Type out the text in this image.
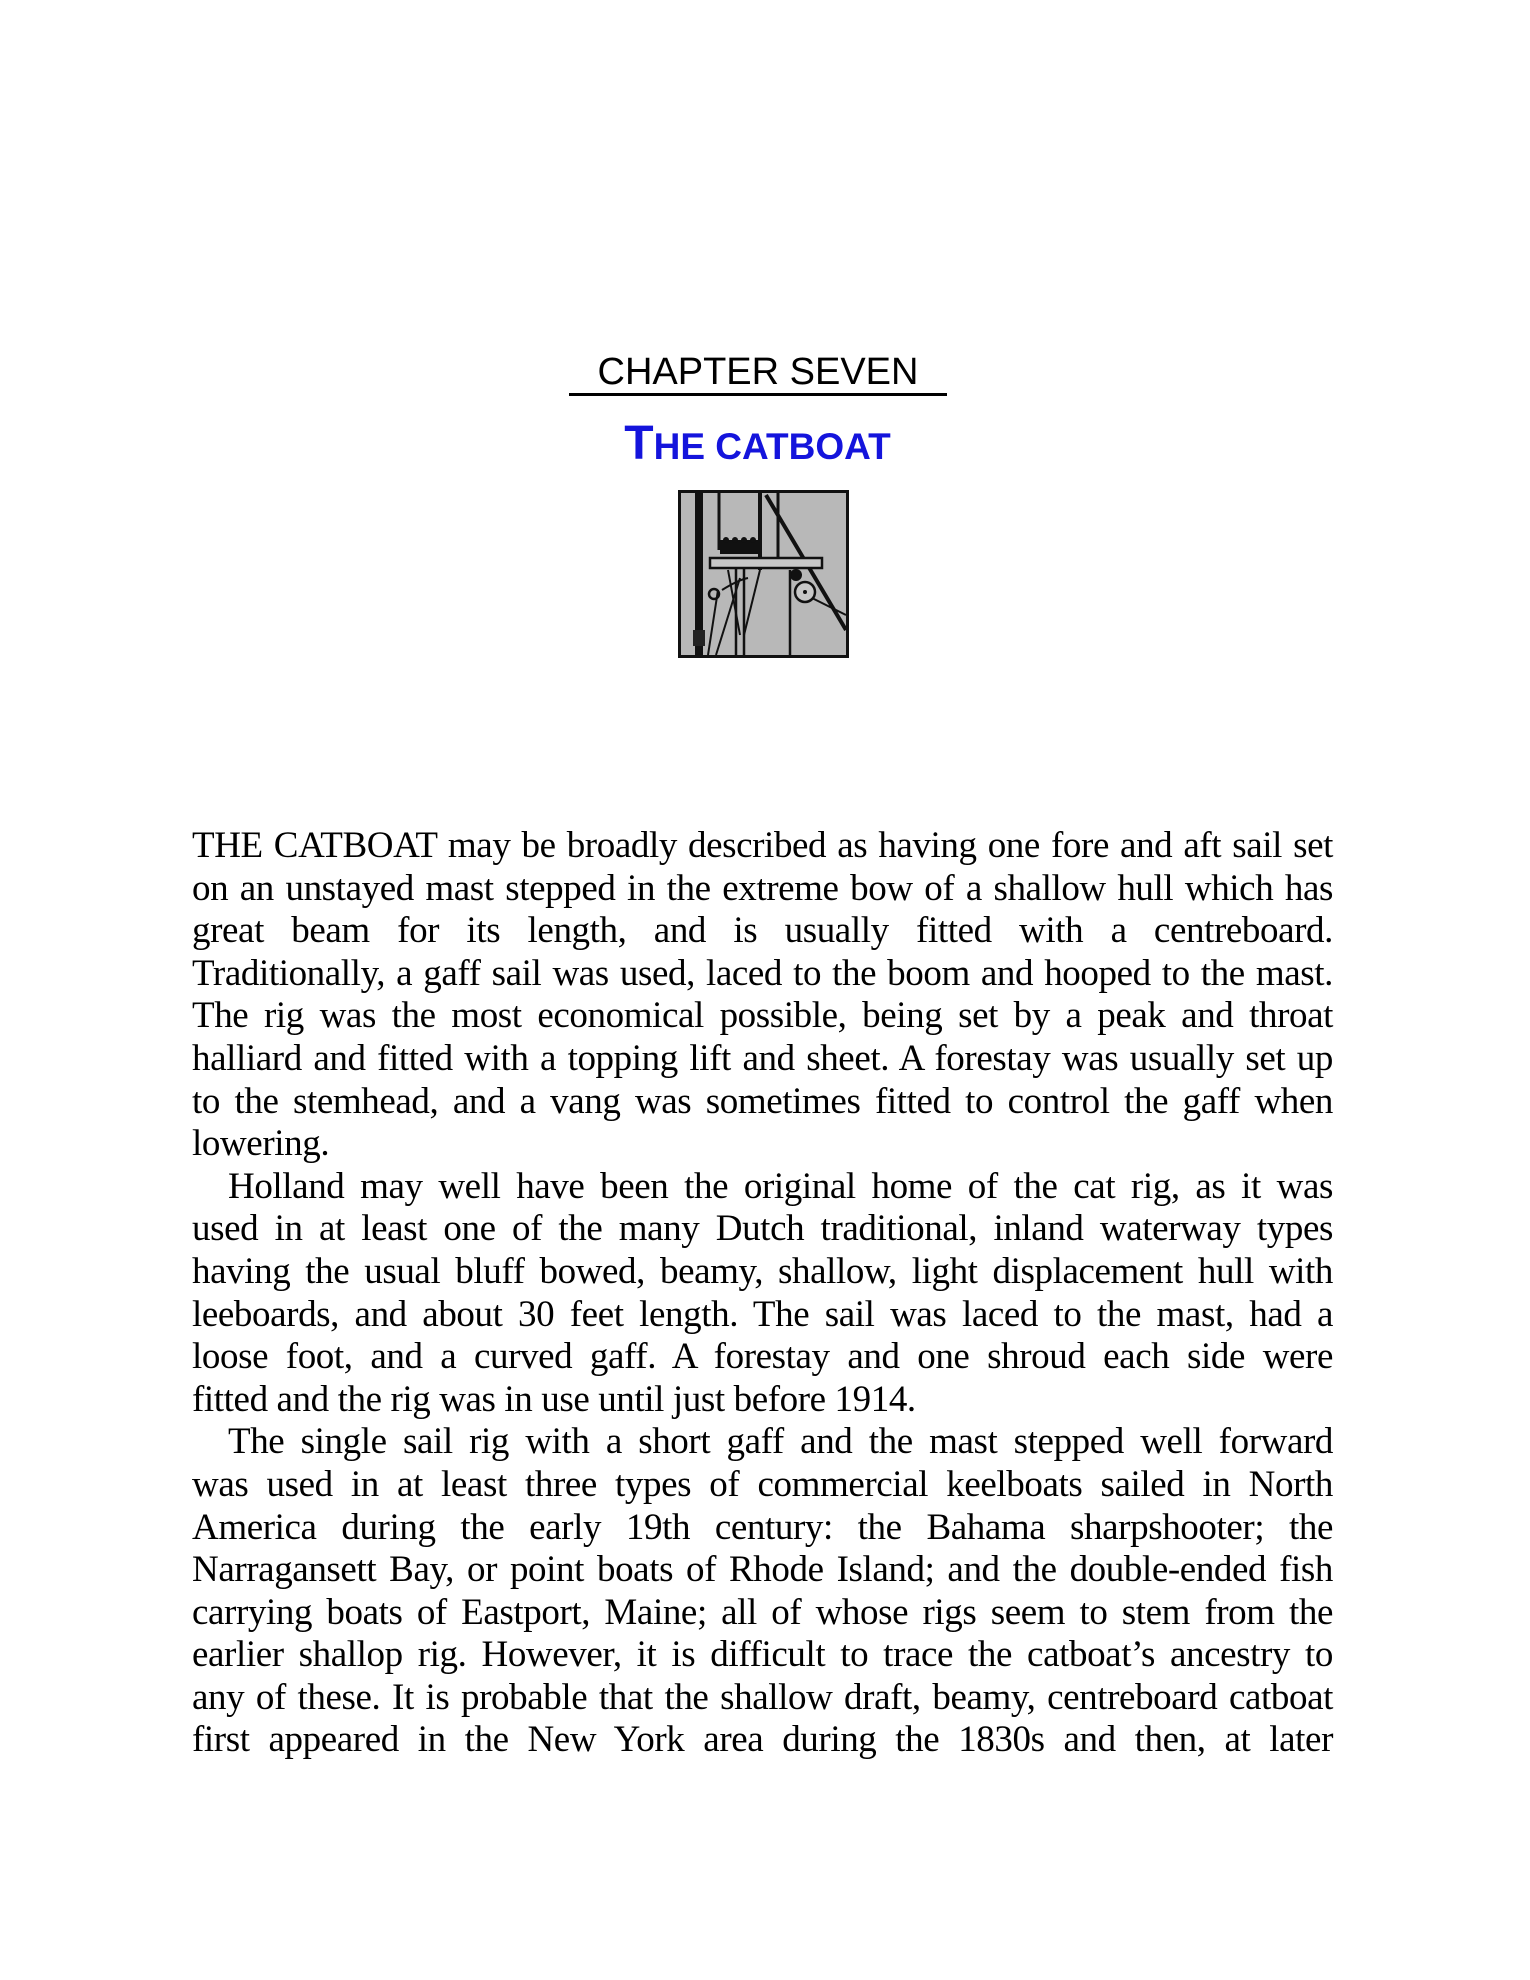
CHAPTER SEVEN
THE CATBOAT
THE CATBOAT may be broadly described as having one fore and aft sail set
on an unstayed mast stepped in the extreme bow of a shallow hull which has
great beam for its length, and is usually fitted with a centreboard.
Traditionally, a gaff sail was used, laced to the boom and hooped to the mast.
The rig was the most economical possible, being set by a peak and throat
halliard and fitted with a topping lift and sheet. A forestay was usually set up
to the stemhead, and a vang was sometimes fitted to control the gaff when
lowering.
Holland may well have been the original home of the cat rig, as it was
used in at least one of the many Dutch traditional, inland waterway types
having the usual bluff bowed, beamy, shallow, light displacement hull with
leeboards, and about 30 feet length. The sail was laced to the mast, had a
loose foot, and a curved gaff. A forestay and one shroud each side were
fitted and the rig was in use until just before 1914.
The single sail rig with a short gaff and the mast stepped well forward
was used in at least three types of commercial keelboats sailed in North
America during the early 19th century: the Bahama sharpshooter; the
Narragansett Bay, or point boats of Rhode Island; and the double-ended fish
carrying boats of Eastport, Maine; all of whose rigs seem to stem from the
earlier shallop rig. However, it is difficult to trace the catboat’s ancestry to
any of these. It is probable that the shallow draft, beamy, centreboard catboat
first appeared in the New York area during the 1830s and then, at later
